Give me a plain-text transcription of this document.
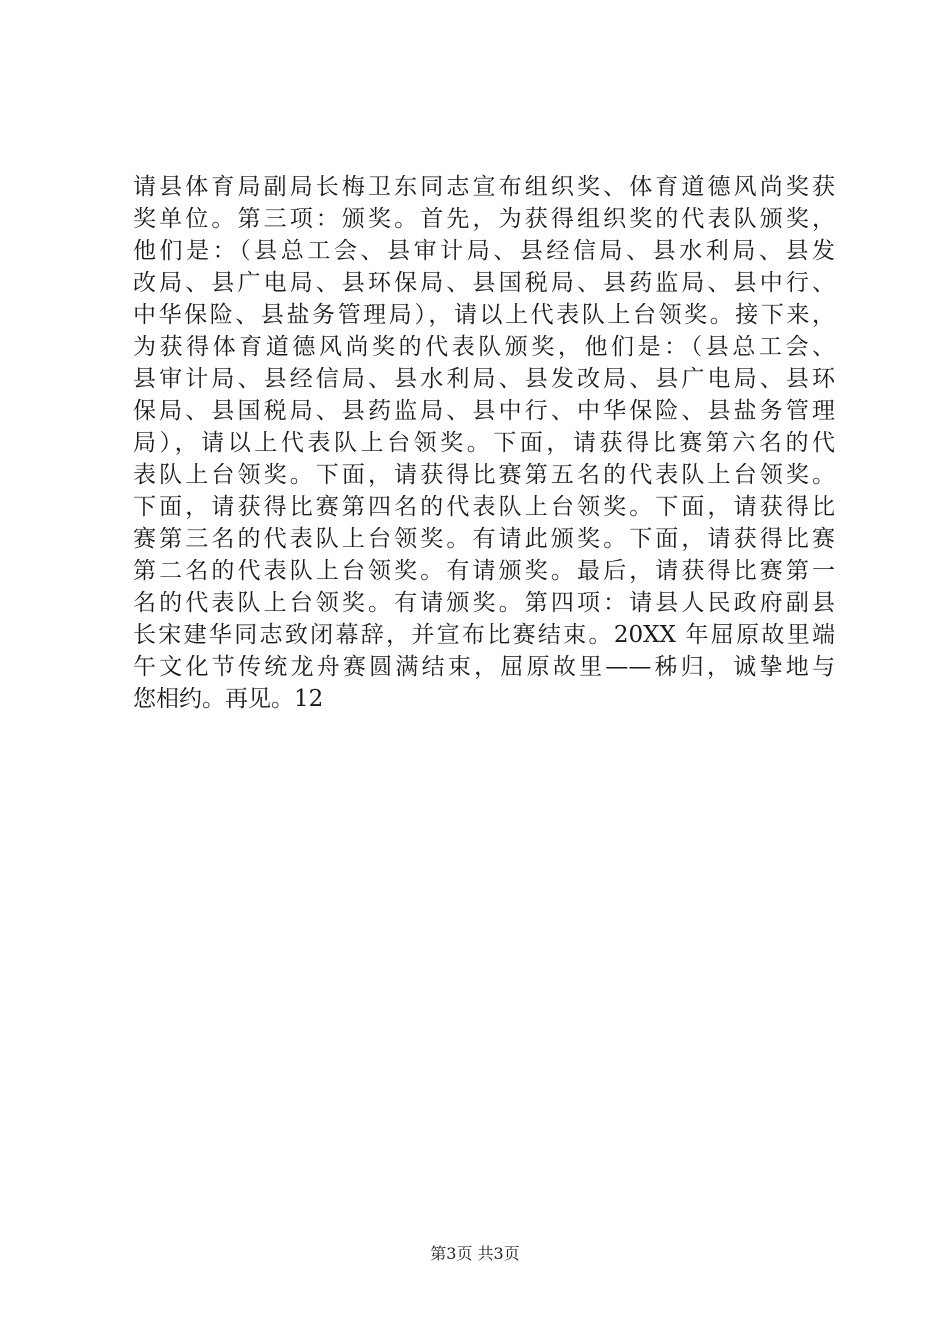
请县体育局副局长梅卫东同志宣布组织奖、体育道德风尚奖获
奖单位。第三项：颁奖。首先，为获得组织奖的代表队颁奖，
他们是：（县总工会、县审计局、县经信局、县水利局、县发
改局、县广电局、县环保局、县国税局、县药监局、县中行、
中华保险、县盐务管理局），请以上代表队上台领奖。接下来，
为获得体育道德风尚奖的代表队颁奖，他们是：（县总工会、
县审计局、县经信局、县水利局、县发改局、县广电局、县环
保局、县国税局、县药监局、县中行、中华保险、县盐务管理
局），请以上代表队上台领奖。下面，请获得比赛第六名的代
表队上台领奖。下面，请获得比赛第五名的代表队上台领奖。
下面，请获得比赛第四名的代表队上台领奖。下面，请获得比
赛第三名的代表队上台领奖。有请此颁奖。下面，请获得比赛
第二名的代表队上台领奖。有请颁奖。最后，请获得比赛第一
名的代表队上台领奖。有请颁奖。第四项：请县人民政府副县
长宋建华同志致闭幕辞，并宣布比赛结束。20XX 年屈原故里端
午文化节传统龙舟赛圆满结束，屈原故里——秭归，诚挚地与
您相约。再见。12
第3页 共3页
